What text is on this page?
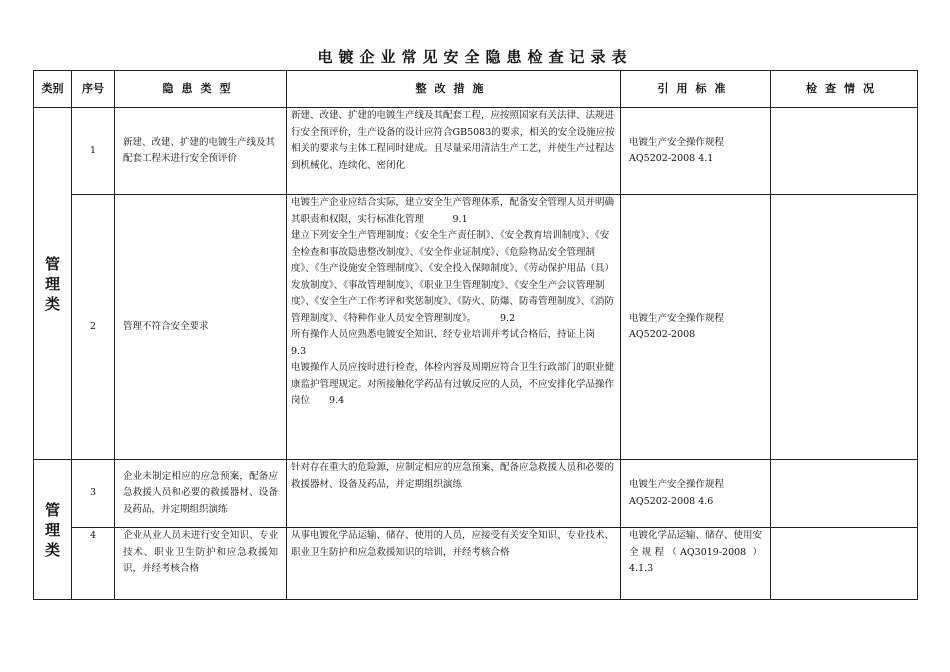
电镀企业常见安全隐患检查记录表
类别	序号	隐患类型	整改措施	引用标准	检查情况

管
理
类	1	新建、改建、扩建的电镀生产线及其配套工程未进行安全预评价	新建、改建、扩建的电镀生产线及其配套工程，应按照国家有关法律、法规进行安全预评价，生产设备的设计应符合GB5083的要求，相关的安全设施应按相关的要求与主体工程同时建成。且尽量采用清洁生产工艺，并使生产过程达到机械化、连续化、密闭化	电镀生产安全操作规程 AQ5202-2008 4.1	
	2	管理不符合安全要求	电镀生产企业应结合实际，建立安全生产管理体系，配备安全管理人员并明确其职责和权限，实行标准化管理　　　9.1
建立下列安全生产管理制度：《安全生产责任制》、《安全教育培训制度》、《安全检查和事故隐患整改制度》、《安全作业证制度》、《危险物品安全管理制度》、《生产设施安全管理制度》、《安全投入保障制度》、《劳动保护用品（具）发放制度》、《事故管理制度》、《职业卫生管理制度》、《安全生产会议管理制度》、《安全生产工作考评和奖惩制度》、《防火、防爆、防毒管理制度》、《消防管理制度》、《特种作业人员安全管理制度》。　　　9.2
所有操作人员应熟悉电镀安全知识、经专业培训并考试合格后，持证上岗　　　9.3
电镀操作人员应按时进行检查，体检内容及周期应符合卫生行政部门的职业健康监护管理规定。对所接触化学药品有过敏反应的人员，不应安排化学品操作岗位　　9.4	电镀生产安全操作规程 AQ5202-2008	

管
理
类	3	企业未制定相应的应急预案，配备应急救援人员和必要的救援器材、设备及药品，并定期组织演练	针对存在重大的危险源，应制定相应的应急预案，配备应急救援人员和必要的救援器材、设备及药品，并定期组织演练	电镀生产安全操作规程 AQ5202-2008 4.6	
	4	企业从业人员未进行安全知识、专业技术、职业卫生防护和应急救援知识，并经考核合格	从事电镀化学品运输、储存、使用的人员，应接受有关安全知识、专业技术、职业卫生防护和应急救援知识的培训，并经考核合格	电镀化学品运输、储存、使用安全规程（AQ3019-2008 ）4.1.3	
